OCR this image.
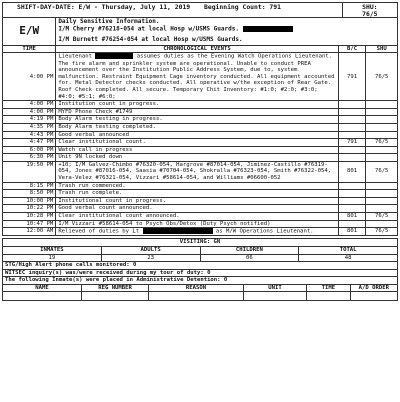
SHIFT-DAY-DATE: E/W - Thursday, July 11, 2019 Beginning Count: 791	SHU:
76/5
E/W	
Daily Sensitive Information.
I/M Cherry #76218-054 at local Hosp w/USMS Guards.
I/M Burnett #76254-054 at local Hosp w/USMS Guards.
TIME	CHRONOLOGICAL EVENTS	B/C	SHU
4:00 PM	Lieutenant assumes duties as the Evening Watch Operations Lieutenant. The fire alarm and sprinkler system are operational. Unable to conduct PREA announcement over the Institution Public Address System, due to, system malfunction. Restraint Equipment Cage inventory conducted. All equipment accounted for. Metal Detector checks conducted. All operative w/the exception of Rear Gate. Roof Check completed. All secure. Temporary Chit Inventory: #1:0; #2:0; #3:0; #4:0; #5:1; #6:0;	791	76/5
4:00 PM	Institution count in progress.		
4:00 PM	MYFD Phone Check #1749		
4:19 PM	Body Alarm testing in progress.		
4:35 PM	Body Alarm testing completed.		
4:43 PM	Good verbal announced		
4:47 PM	Clear institutional count.	791	76/5
6:00 PM	Watch call in progress		
6:30 PM	Unit 9N locked down		
19:50 PM	+10; I/M Galvez-Chimbo #76320-054, Hargrove #87014-054, Jiminez-Castillo #76319-054, Jones #87016-054, Saasia #70704-054, Shokralla #76323-054, Smith #76322-054, Vera-Velez #76321-054, Vizzari #58614-054, and Williams #06600-052	801	76/5
8:15 PM	Trash run commenced.		
8:50 PM	Trash run complete.		
10:00 PM	Institutional count in progress.		
10:22 PM	Good verbal count announced.		
10:28 PM	Clear institutional count announced.	801	76/5
10:47 PM	I/M Vizzari #58614-054 to Psych Obs/Detox (Duty Psych notified)		
12:00 AM	Relieved of duties by Lt as M/W Operations Lieutenant.	801	76/5
VISITING: GN			
INMATES	ADULTS	CHILDREN	TOTAL
19	23	06	48
STG/High Alert phone calls monitored: 0
WITSEC inquiry(s) was/were received during my tour of duty: 0
The following Inmate(s) were placed in Administrative Detention: 0
NAME	REG NUMBER	REASON	UNIT	TIME	A/D ORDER
